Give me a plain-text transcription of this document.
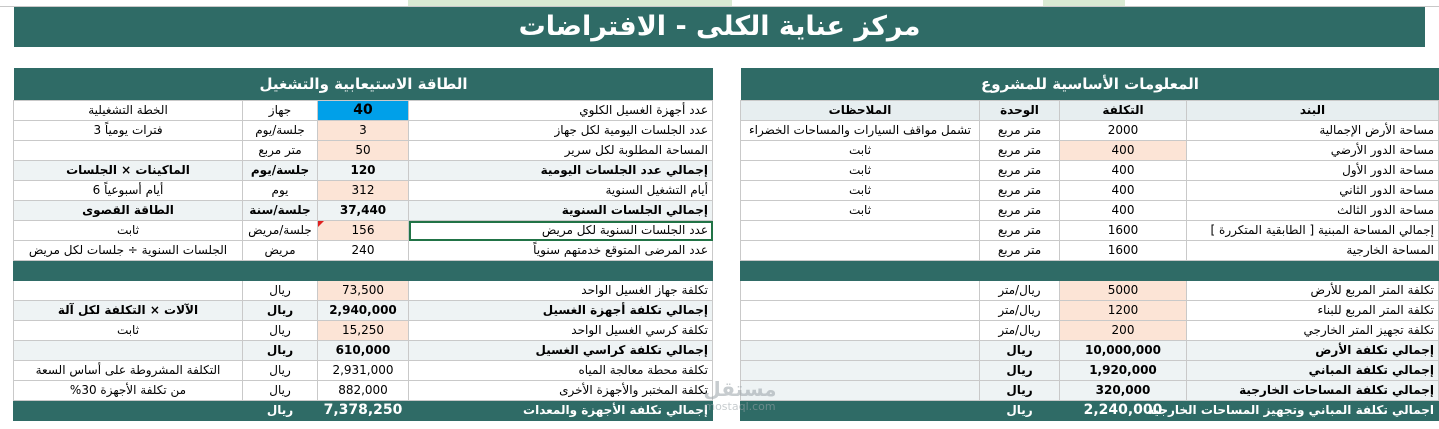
مركز عناية الكلى - الافتراضات
المعلومات الأساسية للمشروع
البند	التكلفة	الوحدة	الملاحظات
مساحة الأرض الإجمالية	2000	متر مربع	تشمل مواقف السيارات والمساحات الخضراء
مساحة الدور الأرضي	400	متر مربع	ثابت
مساحة الدور الأول	400	متر مربع	ثابت
مساحة الدور الثاني	400	متر مربع	ثابت
مساحة الدور الثالث	400	متر مربع	ثابت
إجمالي المساحة المبنية [ الطابقية المتكررة ]	1600	متر مربع	
المساحة الخارجية	1600	متر مربع	

تكلفة المتر المربع للأرض	5000	ريال/متر	
تكلفة المتر المربع للبناء	1200	ريال/متر	
تكلفة تجهيز المتر الخارجي	200	ريال/متر	
إجمالي تكلفة الأرض	10,000,000	ريال	
إجمالي تكلفة المباني	1,920,000	ريال	
إجمالي تكلفة المساحات الخارجية	320,000	ريال	
اجمالي تكلفة المباني وتجهيز المساحات الخارجية	2,240,000	ريال	
الطاقة الاستيعابية والتشغيل
عدد أجهزة الغسيل الكلوي	40	جهاز	الخطة التشغيلية
عدد الجلسات اليومية لكل جهاز	3	جلسة/يوم	فترات يومياً 3
المساحة المطلوبة لكل سرير	50	متر مربع	
إجمالي عدد الجلسات اليومية	120	جلسة/يوم	الماكينات × الجلسات
أيام التشغيل السنوية	312	يوم	أيام أسبوعياً 6
إجمالي الجلسات السنوية	37,440	جلسة/سنة	الطاقة القصوى
عدد الجلسات السنوية لكل مريض	156	جلسة/مريض	ثابت
عدد المرضى المتوقع خدمتهم سنوياً	240	مريض	الجلسات السنوية ÷ جلسات لكل مريض

تكلفة جهاز الغسيل الواحد	73,500	ريال	
إجمالي تكلفة أجهزة الغسيل	2,940,000	ريال	الآلات × التكلفة لكل آلة
تكلفة كرسي الغسيل الواحد	15,250	ريال	ثابت
إجمالي تكلفة كراسي الغسيل	610,000	ريال	
تكلفة محطة معالجة المياه	2,931,000	ريال	التكلفة المشروطة على أساس السعة
تكلفة المختبر والأجهزة الأخرى	882,000	ريال	من تكلفة الأجهزة 30%
إجمالي تكلفة الأجهزة والمعدات	7,378,250	ريال	
مستقل
mostaql.com
